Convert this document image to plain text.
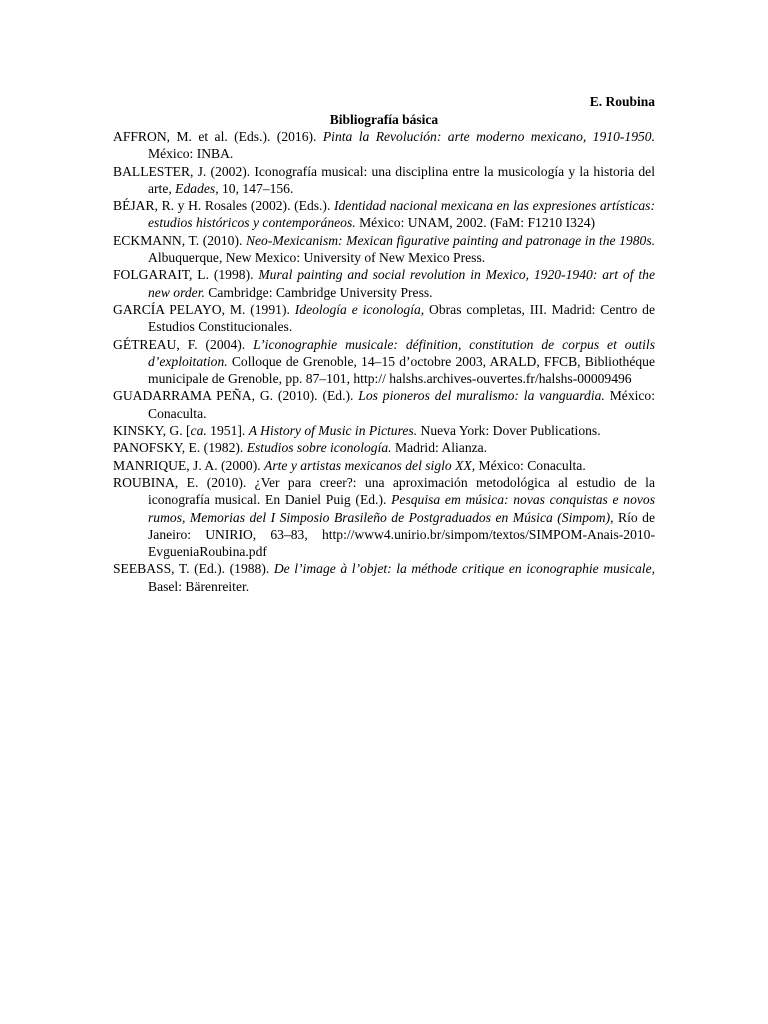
E. Roubina
Bibliografía básica
AFFRON, M. et al. (Eds.). (2016). Pinta la Revolución: arte moderno mexicano, 1910-1950. México: INBA.
BALLESTER, J. (2002). Iconografía musical: una disciplina entre la musicología y la historia del arte, Edades, 10, 147–156.
BÉJAR, R. y H. Rosales (2002). (Eds.). Identidad nacional mexicana en las expresiones artísticas: estudios históricos y contemporáneos. México: UNAM, 2002. (FaM: F1210 I324)
ECKMANN, T. (2010). Neo-Mexicanism: Mexican figurative painting and patronage in the 1980s. Albuquerque, New Mexico: University of New Mexico Press.
FOLGARAIT, L. (1998). Mural painting and social revolution in Mexico, 1920-1940: art of the new order. Cambridge: Cambridge University Press.
GARCÍA PELAYO, M. (1991). Ideología e iconología, Obras completas, III. Madrid: Centro de Estudios Constitucionales.
GÉTREAU, F. (2004). L’iconographie musicale: définition, constitution de corpus et outils d’exploitation. Colloque de Grenoble, 14–15 d’octobre 2003, ARALD, FFCB, Bibliothéque municipale de Grenoble, pp. 87–101, http:// halshs.archives-ouvertes.fr/halshs-00009496
GUADARRAMA PEÑA, G. (2010). (Ed.). Los pioneros del muralismo: la vanguardia. México: Conaculta.
KINSKY, G. [ca. 1951]. A History of Music in Pictures. Nueva York: Dover Publications.
PANOFSKY, E. (1982). Estudios sobre iconología. Madrid: Alianza.
MANRIQUE, J. A. (2000). Arte y artistas mexicanos del siglo XX, México: Conaculta.
ROUBINA, E. (2010). ¿Ver para creer?: una aproximación metodológica al estudio de la iconografía musical. En Daniel Puig (Ed.). Pesquisa em música: novas conquistas e novos rumos, Memorias del I Simposio Brasileño de Postgraduados en Música (Simpom), Río de Janeiro: UNIRIO, 63–83, http://www4.unirio.br/simpom/textos/SIMPOM-Anais-2010-EvgueniaRoubina.pdf
SEEBASS, T. (Ed.). (1988). De l’image à l’objet: la méthode critique en iconographie musicale, Basel: Bärenreiter.
